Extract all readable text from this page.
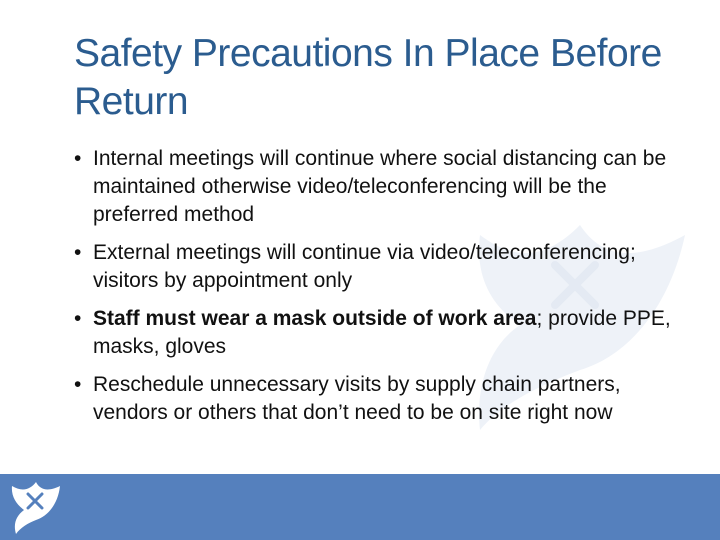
Safety Precautions In Place Before Return
• Internal meetings will continue where social distancing can be maintained otherwise video/teleconferencing will be the preferred method
• External meetings will continue via video/teleconferencing; visitors by appointment only
• Staff must wear a mask outside of work area; provide PPE, masks, gloves
• Reschedule unnecessary visits by supply chain partners, vendors or others that don’t need to be on site right now
